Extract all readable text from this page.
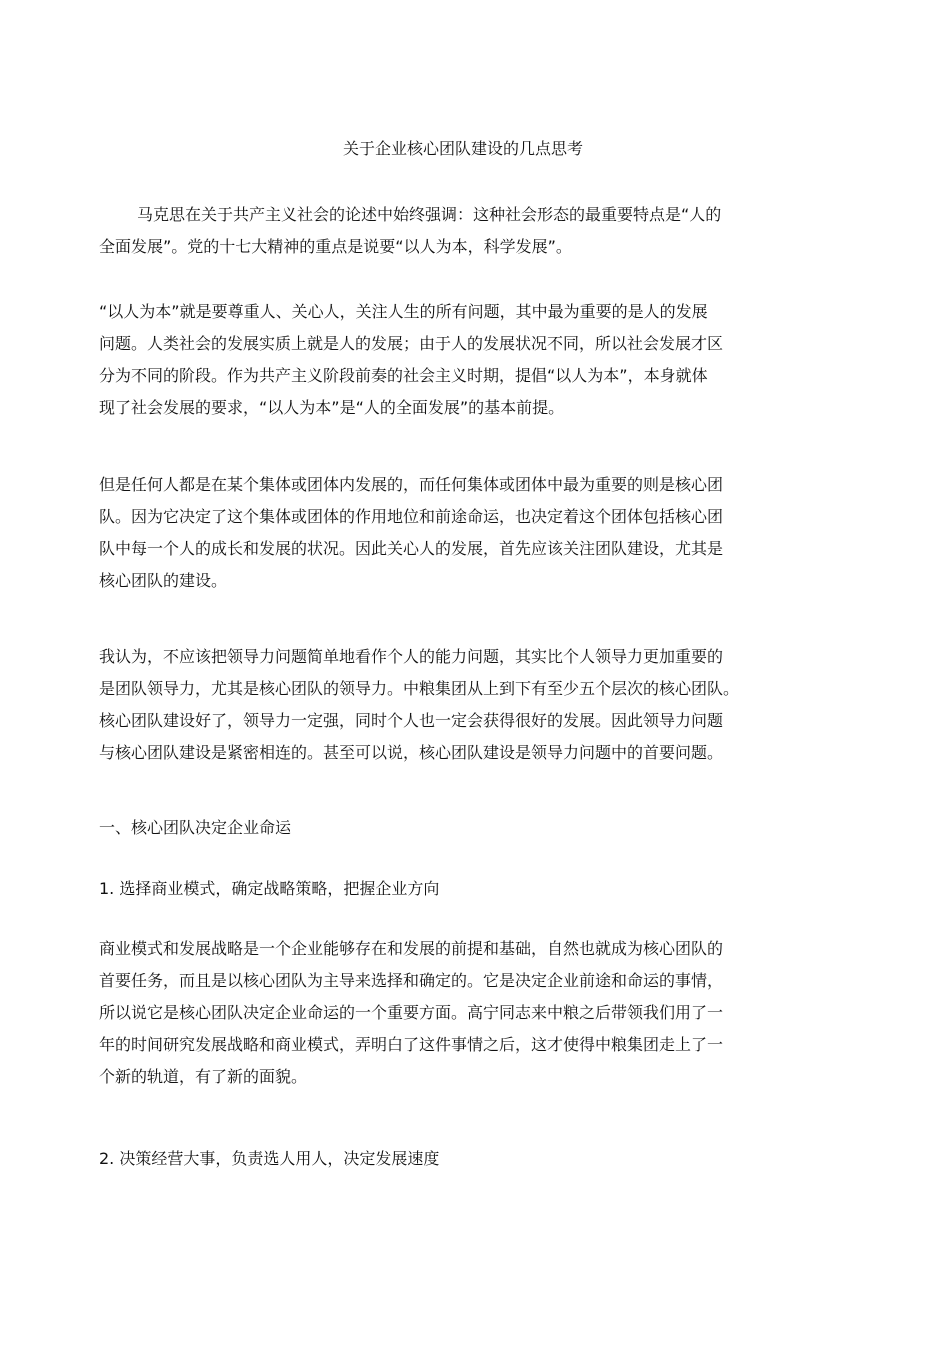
关于企业核心团队建设的几点思考
马克思在关于共产主义社会的论述中始终强调：这种社会形态的最重要特点是“人的
全面发展”。党的十七大精神的重点是说要“以人为本，科学发展”。
“以人为本”就是要尊重人、关心人，关注人生的所有问题，其中最为重要的是人的发展
问题。人类社会的发展实质上就是人的发展；由于人的发展状况不同，所以社会发展才区
分为不同的阶段。作为共产主义阶段前奏的社会主义时期，提倡“以人为本”，本身就体
现了社会发展的要求，“以人为本”是“人的全面发展”的基本前提。
但是任何人都是在某个集体或团体内发展的，而任何集体或团体中最为重要的则是核心团
队。因为它决定了这个集体或团体的作用地位和前途命运，也决定着这个团体包括核心团
队中每一个人的成长和发展的状况。因此关心人的发展，首先应该关注团队建设，尤其是
核心团队的建设。
我认为，不应该把领导力问题简单地看作个人的能力问题，其实比个人领导力更加重要的
是团队领导力，尤其是核心团队的领导力。中粮集团从上到下有至少五个层次的核心团队。
核心团队建设好了，领导力一定强，同时个人也一定会获得很好的发展。因此领导力问题
与核心团队建设是紧密相连的。甚至可以说，核心团队建设是领导力问题中的首要问题。
一、核心团队决定企业命运
1. 选择商业模式，确定战略策略，把握企业方向
商业模式和发展战略是一个企业能够存在和发展的前提和基础，自然也就成为核心团队的
首要任务，而且是以核心团队为主导来选择和确定的。它是决定企业前途和命运的事情，
所以说它是核心团队决定企业命运的一个重要方面。高宁同志来中粮之后带领我们用了一
年的时间研究发展战略和商业模式，弄明白了这件事情之后，这才使得中粮集团走上了一
个新的轨道，有了新的面貌。
2. 决策经营大事，负责选人用人，决定发展速度
